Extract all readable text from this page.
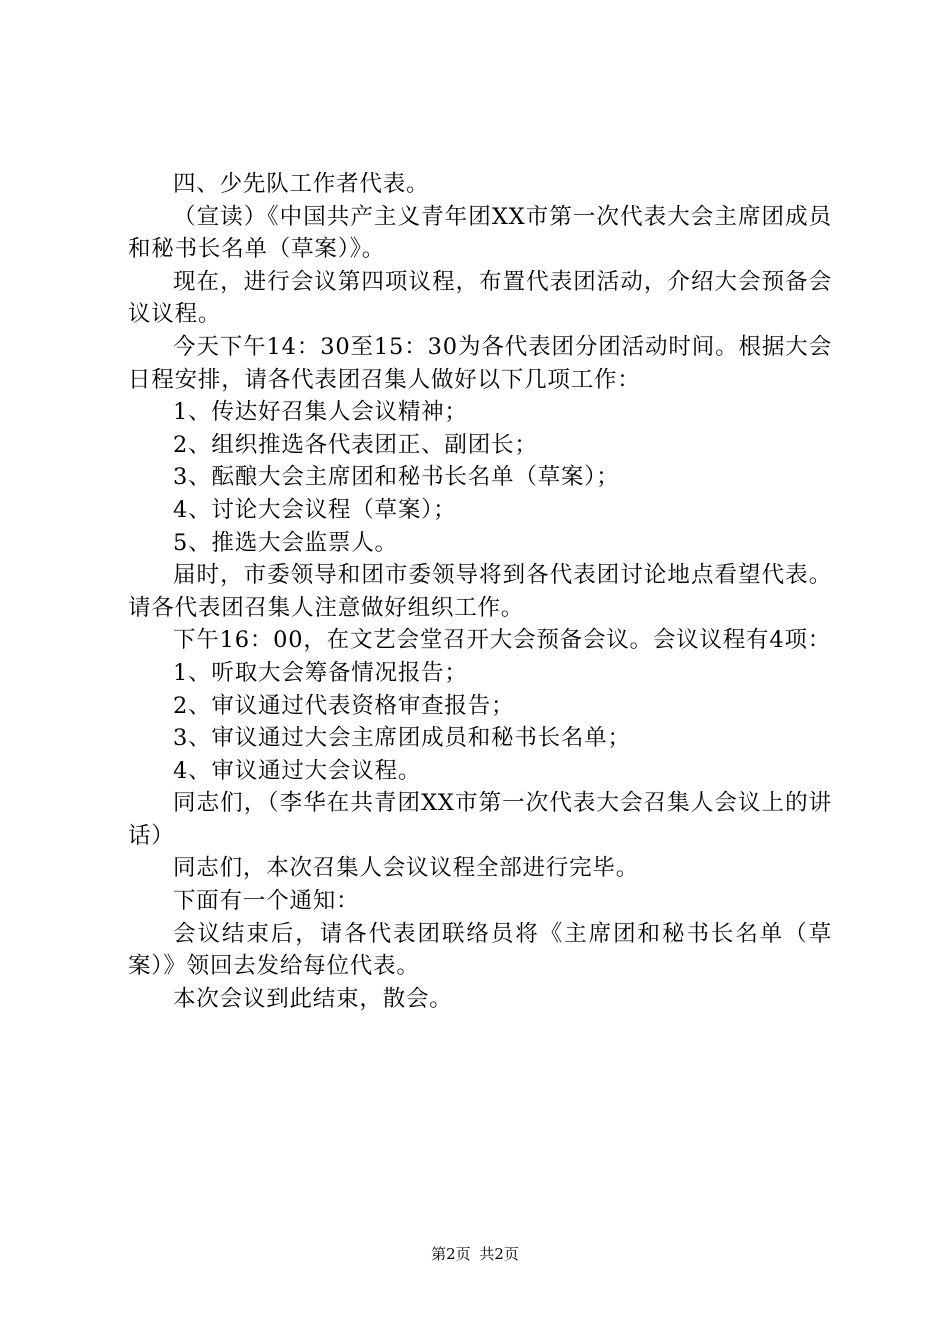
四、少先队工作者代表。

（宣读）《中国共产主义青年团XX市第一次代表大会主席团成员和秘书长名单（草案）》。

现在，进行会议第四项议程，布置代表团活动，介绍大会预备会议议程。

今天下午14：30至15：30为各代表团分团活动时间。根据大会日程安排，请各代表团召集人做好以下几项工作：

1、传达好召集人会议精神；

2、组织推选各代表团正、副团长；

3、酝酿大会主席团和秘书长名单（草案）；

4、讨论大会议程（草案）；

5、推选大会监票人。

届时，市委领导和团市委领导将到各代表团讨论地点看望代表。请各代表团召集人注意做好组织工作。

下午16：00，在文艺会堂召开大会预备会议。会议议程有4项：

1、听取大会筹备情况报告；

2、审议通过代表资格审查报告；

3、审议通过大会主席团成员和秘书长名单；

4、审议通过大会议程。

同志们，（李华在共青团XX市第一次代表大会召集人会议上的讲话）

同志们，本次召集人会议议程全部进行完毕。

下面有一个通知：

会议结束后，请各代表团联络员将《主席团和秘书长名单（草案）》领回去发给每位代表。

本次会议到此结束，散会。

第2页 共2页
